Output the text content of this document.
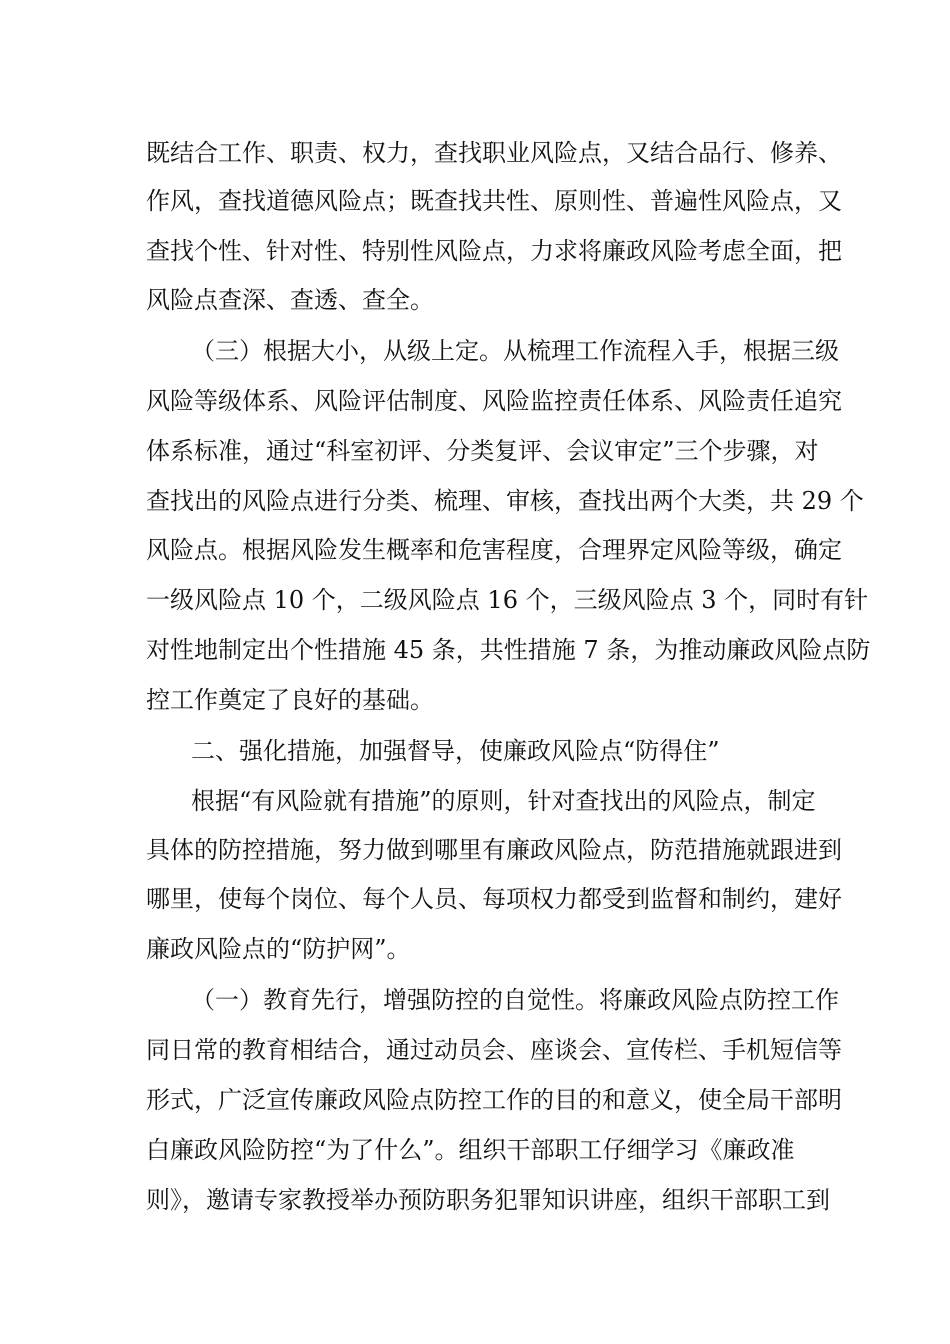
既结合工作、职责、权力，查找职业风险点，又结合品行、修养、
作风，查找道德风险点；既查找共性、原则性、普遍性风险点，又
查找个性、针对性、特别性风险点，力求将廉政风险考虑全面，把
风险点查深、查透、查全。
（三）根据大小，从级上定。从梳理工作流程入手，根据三级
风险等级体系、风险评估制度、风险监控责任体系、风险责任追究
体系标准，通过“科室初评、分类复评、会议审定”三个步骤，对
查找出的风险点进行分类、梳理、审核，查找出两个大类，共 29 个
风险点。根据风险发生概率和危害程度，合理界定风险等级，确定
一级风险点 10 个，二级风险点 16 个，三级风险点 3 个，同时有针
对性地制定出个性措施 45 条，共性措施 7 条，为推动廉政风险点防
控工作奠定了良好的基础。
二、强化措施，加强督导，使廉政风险点“防得住”
根据“有风险就有措施”的原则，针对查找出的风险点，制定
具体的防控措施，努力做到哪里有廉政风险点，防范措施就跟进到
哪里，使每个岗位、每个人员、每项权力都受到监督和制约，建好
廉政风险点的“防护网”。
（一）教育先行，增强防控的自觉性。将廉政风险点防控工作
同日常的教育相结合，通过动员会、座谈会、宣传栏、手机短信等
形式，广泛宣传廉政风险点防控工作的目的和意义，使全局干部明
白廉政风险防控“为了什么”。组织干部职工仔细学习《廉政准
则》，邀请专家教授举办预防职务犯罪知识讲座，组织干部职工到
